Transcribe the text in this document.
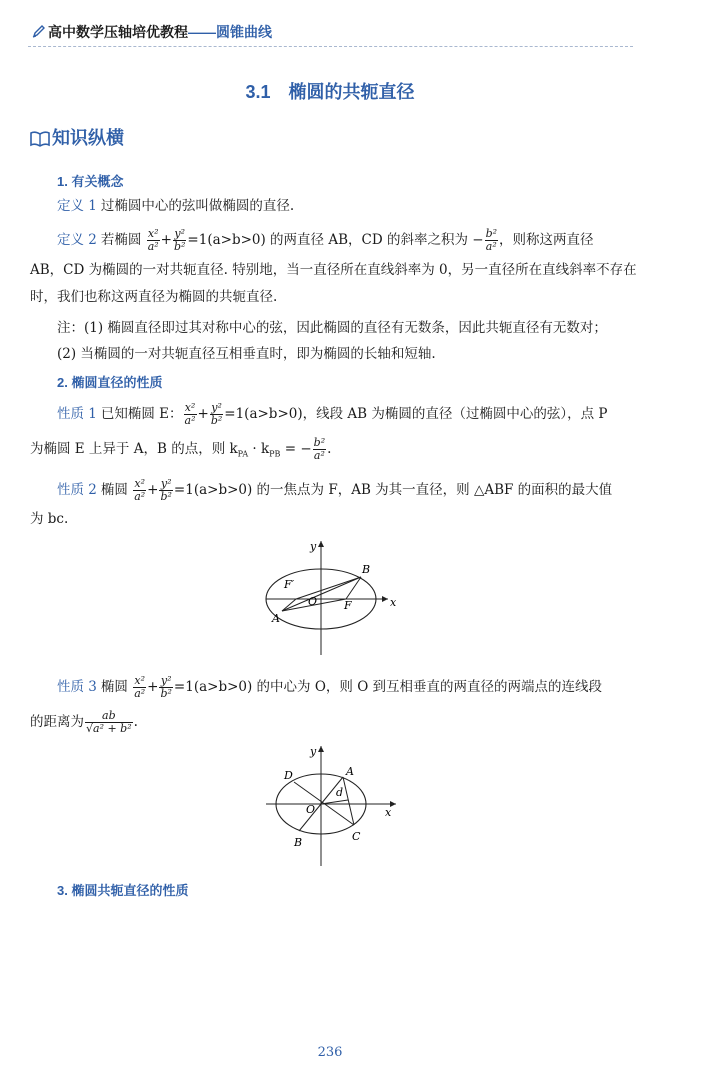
高中数学压轴培优教程——圆锥曲线
3.1　椭圆的共轭直径
知识纵横
1. 有关概念
定义 1 过椭圆中心的弦叫做椭圆的直径.
定义 2 若椭圆 $\frac{\text{x²}}{\text{a²}} + \frac{\text{y²}}{\text{b²}} =1(a>b>0)$ 的两直径 AB，CD 的斜率之积为 − $\frac{\text{b²}}{\text{a²}}$ ，则称这两直径
AB，CD 为椭圆的一对共轭直径. 特别地，当一直径所在直线斜率为 0，另一直径所在直线斜率不存在
时，我们也称这两直径为椭圆的共轭直径.
注：(1) 椭圆直径即过其对称中心的弦，因此椭圆的直径有无数条，因此共轭直径有无数对；
(2) 当椭圆的一对共轭直径互相垂直时，即为椭圆的长轴和短轴.
2. 椭圆直径的性质
性质 1 已知椭圆 E： $\frac{\text{x²}}{\text{a²}} + \frac{\text{y²}}{\text{b²}} =1(a>b>0)$，线段 AB 为椭圆的直径（过椭圆中心的弦），点 P
为椭圆 E 上异于 A，B 的点，则 $k_{PA} \cdot k_{PB}$ = − $\frac{\text{b²}}{\text{a²}}$ .
性质 2 椭圆 $\frac{\text{x²}}{\text{a²}} + \frac{\text{y²}}{\text{b²}} =1(a>b>0)$ 的一焦点为 F，AB 为其一直径，则 △ABF 的面积的最大值
为 bc.
y
x
B
F′
O F
A
性质 3 椭圆 $\frac{\text{x²}}{\text{a²}} + \frac{\text{y²}}{\text{b²}} =1(a>b>0)$ 的中心为 O，则 O 到互相垂直的两直径的两端点的连线段
的距离为 $\frac{ab}{\text{√a² + b²}}$ .
y
x
D	A
d
O
C
B
3. 椭圆共轭直径的性质
236
